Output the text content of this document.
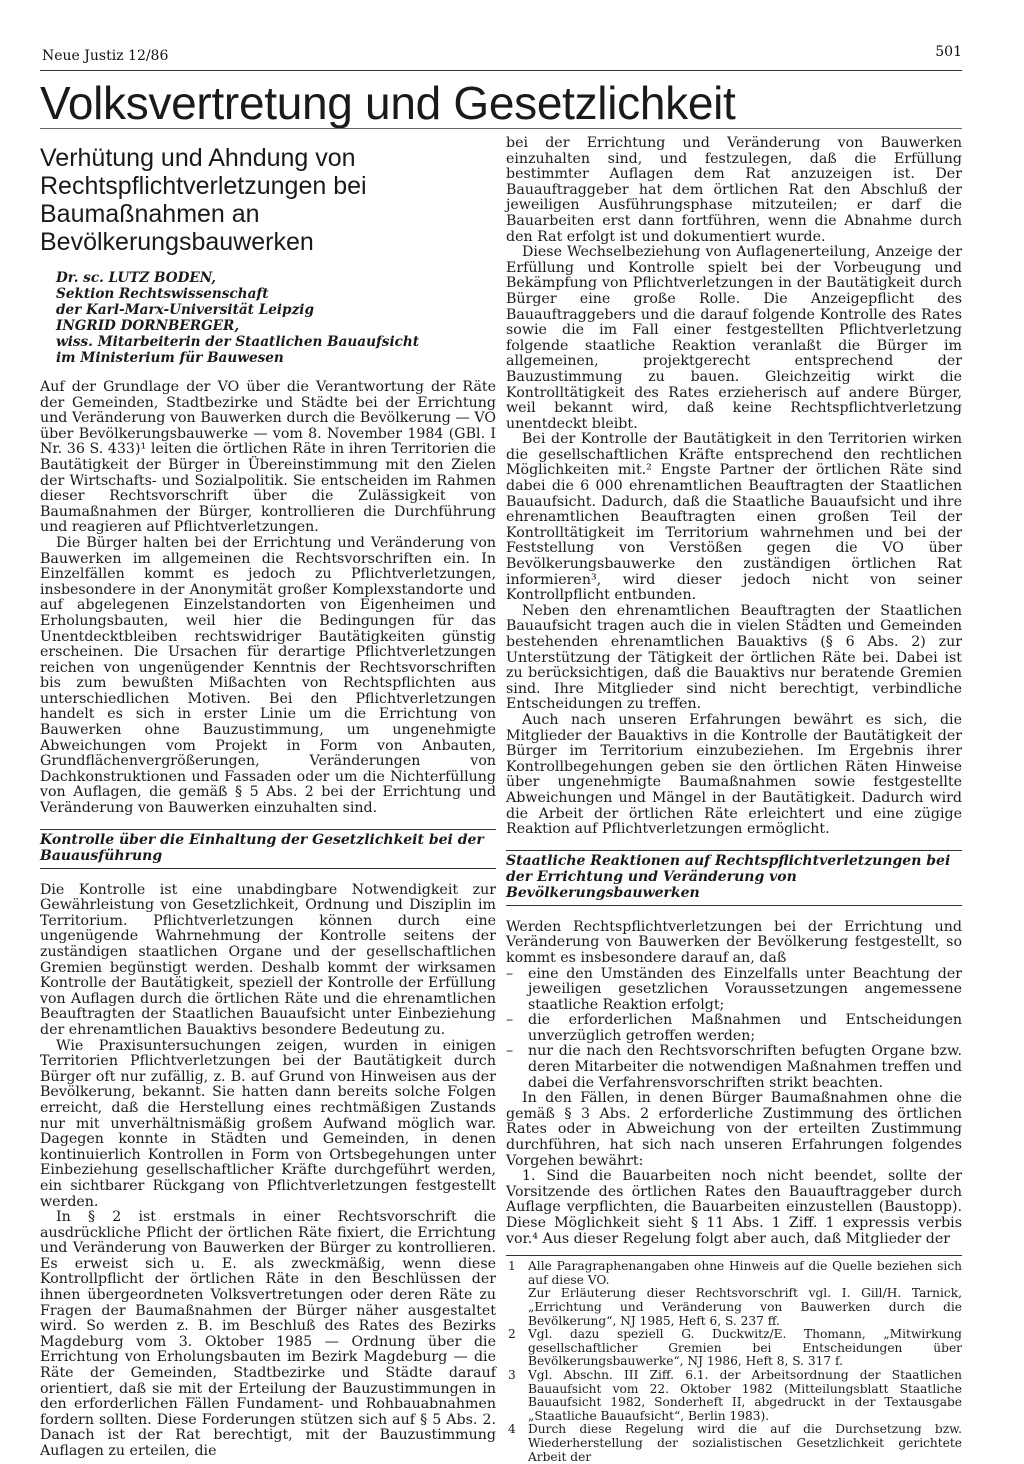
Neue Justiz 12/86	501
Volksvertretung und Gesetzlichkeit
Verhütung und Ahndung von Rechtspflichtverletzungen bei Baumaßnahmen an Bevölkerungsbauwerken
Dr. sc. LUTZ BODEN,
Sektion Rechtswissenschaft
der Karl-Marx-Universität Leipzig
INGRID DORNBERGER,
wiss. Mitarbeiterin der Staatlichen Bauaufsicht
im Ministerium für Bauwesen

Auf der Grundlage der VO über die Verantwortung der Räte der Gemeinden, Stadtbezirke und Städte bei der Errichtung und Veränderung von Bauwerken durch die Bevölkerung — VO über Bevölkerungsbauwerke — vom 8. November 1984 (GBl. I Nr. 36 S. 433)¹ leiten die örtlichen Räte in ihren Territorien die Bautätigkeit der Bürger in Übereinstimmung mit den Zielen der Wirtschafts- und Sozialpolitik. Sie entscheiden im Rahmen dieser Rechtsvorschrift über die Zulässigkeit von Baumaßnahmen der Bürger, kontrollieren die Durchführung und reagieren auf Pflichtverletzungen.

Die Bürger halten bei der Errichtung und Veränderung von Bauwerken im allgemeinen die Rechtsvorschriften ein. In Einzelfällen kommt es jedoch zu Pflichtverletzungen, insbesondere in der Anonymität großer Komplexstandorte und auf abgelegenen Einzelstandorten von Eigenheimen und Erholungsbauten, weil hier die Bedingungen für das Unentdecktbleiben rechtswidriger Bautätigkeiten günstig erscheinen. Die Ursachen für derartige Pflichtverletzungen reichen von ungenügender Kenntnis der Rechtsvorschriften bis zum bewußten Mißachten von Rechtspflichten aus unterschiedlichen Motiven. Bei den Pflichtverletzungen handelt es sich in erster Linie um die Errichtung von Bauwerken ohne Bauzustimmung, um ungenehmigte Abweichungen vom Projekt in Form von Anbauten, Grundflächenvergrößerungen, Veränderungen von Dachkonstruktionen und Fassaden oder um die Nichterfüllung von Auflagen, die gemäß § 5 Abs. 2 bei der Errichtung und Veränderung von Bauwerken einzuhalten sind.

Kontrolle über die Einhaltung der Gesetzlichkeit bei der Bauausführung

Die Kontrolle ist eine unabdingbare Notwendigkeit zur Gewährleistung von Gesetzlichkeit, Ordnung und Disziplin im Territorium. Pflichtverletzungen können durch eine ungenügende Wahrnehmung der Kontrolle seitens der zuständigen staatlichen Organe und der gesellschaftlichen Gremien begünstigt werden. Deshalb kommt der wirksamen Kontrolle der Bautätigkeit, speziell der Kontrolle der Erfüllung von Auflagen durch die örtlichen Räte und die ehrenamtlichen Beauftragten der Staatlichen Bauaufsicht unter Einbeziehung der ehrenamtlichen Bauaktivs besondere Bedeutung zu.

Wie Praxisuntersuchungen zeigen, wurden in einigen Territorien Pflichtverletzungen bei der Bautätigkeit durch Bürger oft nur zufällig, z. B. auf Grund von Hinweisen aus der Bevölkerung, bekannt. Sie hatten dann bereits solche Folgen erreicht, daß die Herstellung eines rechtmäßigen Zustands nur mit unverhältnismäßig großem Aufwand möglich war. Dagegen konnte in Städten und Gemeinden, in denen kontinuierlich Kontrollen in Form von Ortsbegehungen unter Einbeziehung gesellschaftlicher Kräfte durchgeführt werden, ein sichtbarer Rückgang von Pflichtverletzungen festgestellt werden.

In § 2 ist erstmals in einer Rechtsvorschrift die ausdrückliche Pflicht der örtlichen Räte fixiert, die Errichtung und Veränderung von Bauwerken der Bürger zu kontrollieren. Es erweist sich u. E. als zweckmäßig, wenn diese Kontrollpflicht der örtlichen Räte in den Beschlüssen der ihnen übergeordneten Volksvertretungen oder deren Räte zu Fragen der Baumaßnahmen der Bürger näher ausgestaltet wird. So werden z. B. im Beschluß des Rates des Bezirks Magdeburg vom 3. Oktober 1985 — Ordnung über die Errichtung von Erholungsbauten im Bezirk Magdeburg — die Räte der Gemeinden, Stadtbezirke und Städte darauf orientiert, daß sie mit der Erteilung der Bauzustimmungen in den erforderlichen Fällen Fundament- und Rohbauabnahmen fordern sollten. Diese Forderungen stützen sich auf § 5 Abs. 2. Danach ist der Rat berechtigt, mit der Bauzustimmung Auflagen zu erteilen, die

bei der Errichtung und Veränderung von Bauwerken einzuhalten sind, und festzulegen, daß die Erfüllung bestimmter Auflagen dem Rat anzuzeigen ist. Der Bauauftraggeber hat dem örtlichen Rat den Abschluß der jeweiligen Ausführungsphase mitzuteilen; er darf die Bauarbeiten erst dann fortführen, wenn die Abnahme durch den Rat erfolgt ist und dokumentiert wurde.

Diese Wechselbeziehung von Auflagenerteilung, Anzeige der Erfüllung und Kontrolle spielt bei der Vorbeugung und Bekämpfung von Pflichtverletzungen in der Bautätigkeit durch Bürger eine große Rolle. Die Anzeigepflicht des Bauauftraggebers und die darauf folgende Kontrolle des Rates sowie die im Fall einer festgestellten Pflichtverletzung folgende staatliche Reaktion veranlaßt die Bürger im allgemeinen, projektgerecht entsprechend der Bauzustimmung zu bauen. Gleichzeitig wirkt die Kontrolltätigkeit des Rates erzieherisch auf andere Bürger, weil bekannt wird, daß keine Rechtspflichtverletzung unentdeckt bleibt.

Bei der Kontrolle der Bautätigkeit in den Territorien wirken die gesellschaftlichen Kräfte entsprechend den rechtlichen Möglichkeiten mit.² Engste Partner der örtlichen Räte sind dabei die 6 000 ehrenamtlichen Beauftragten der Staatlichen Bauaufsicht. Dadurch, daß die Staatliche Bauaufsicht und ihre ehrenamtlichen Beauftragten einen großen Teil der Kontrolltätigkeit im Territorium wahrnehmen und bei der Feststellung von Verstößen gegen die VO über Bevölkerungsbauwerke den zuständigen örtlichen Rat informieren³, wird dieser jedoch nicht von seiner Kontrollpflicht entbunden.

Neben den ehrenamtlichen Beauftragten der Staatlichen Bauaufsicht tragen auch die in vielen Städten und Gemeinden bestehenden ehrenamtlichen Bauaktivs (§ 6 Abs. 2) zur Unterstützung der Tätigkeit der örtlichen Räte bei. Dabei ist zu berücksichtigen, daß die Bauaktivs nur beratende Gremien sind. Ihre Mitglieder sind nicht berechtigt, verbindliche Entscheidungen zu treffen.

Auch nach unseren Erfahrungen bewährt es sich, die Mitglieder der Bauaktivs in die Kontrolle der Bautätigkeit der Bürger im Territorium einzubeziehen. Im Ergebnis ihrer Kontrollbegehungen geben sie den örtlichen Räten Hinweise über ungenehmigte Baumaßnahmen sowie festgestellte Abweichungen und Mängel in der Bautätigkeit. Dadurch wird die Arbeit der örtlichen Räte erleichtert und eine zügige Reaktion auf Pflichtverletzungen ermöglicht.

Staatliche Reaktionen auf Rechtspflichtverletzungen bei der Errichtung und Veränderung von Bevölkerungsbauwerken

Werden Rechtspflichtverletzungen bei der Errichtung und Veränderung von Bauwerken der Bevölkerung festgestellt, so kommt es insbesondere darauf an, daß

– eine den Umständen des Einzelfalls unter Beachtung der jeweiligen gesetzlichen Voraussetzungen angemessene staatliche Reaktion erfolgt;
– die erforderlichen Maßnahmen und Entscheidungen unverzüglich getroffen werden;
– nur die nach den Rechtsvorschriften befugten Organe bzw. deren Mitarbeiter die notwendigen Maßnahmen treffen und dabei die Verfahrensvorschriften strikt beachten.

In den Fällen, in denen Bürger Baumaßnahmen ohne die gemäß § 3 Abs. 2 erforderliche Zustimmung des örtlichen Rates oder in Abweichung von der erteilten Zustimmung durchführen, hat sich nach unseren Erfahrungen folgendes Vorgehen bewährt:

1. Sind die Bauarbeiten noch nicht beendet, sollte der Vorsitzende des örtlichen Rates den Bauauftraggeber durch Auflage verpflichten, die Bauarbeiten einzustellen (Baustopp). Diese Möglichkeit sieht § 11 Abs. 1 Ziff. 1 expressis verbis vor.⁴ Aus dieser Regelung folgt aber auch, daß Mitglieder der

1 Alle Paragraphenangaben ohne Hinweis auf die Quelle beziehen sich auf diese VO.
Zur Erläuterung dieser Rechtsvorschrift vgl. I. Gill/H. Tarnick, „Errichtung und Veränderung von Bauwerken durch die Bevölkerung“, NJ 1985, Heft 6, S. 237 ff.
2 Vgl. dazu speziell G. Duckwitz/E. Thomann, „Mitwirkung gesellschaftlicher Gremien bei Entscheidungen über Bevölkerungsbauwerke“, NJ 1986, Heft 8, S. 317 f.
3 Vgl. Abschn. III Ziff. 6.1. der Arbeitsordnung der Staatlichen Bauaufsicht vom 22. Oktober 1982 (Mitteilungsblatt Staatliche Bauaufsicht 1982, Sonderheft II, abgedruckt in der Textausgabe „Staatliche Bauaufsicht“, Berlin 1983).
4 Durch diese Regelung wird die auf die Durchsetzung bzw. Wiederherstellung der sozialistischen Gesetzlichkeit gerichtete Arbeit der
